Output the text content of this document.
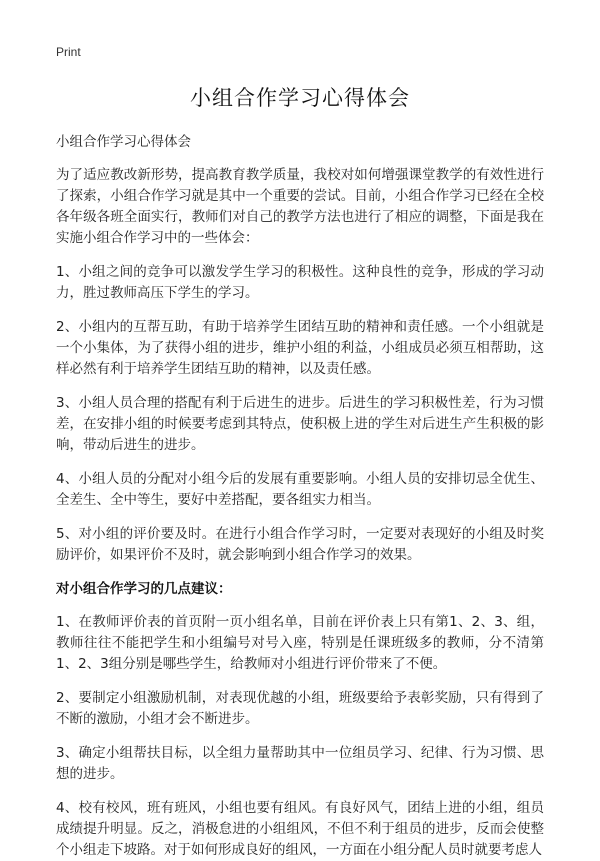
Print
小组合作学习心得体会

小组合作学习心得体会

为了适应教改新形势，提高教育教学质量，我校对如何增强课堂教学的有效性进行了探索，小组合作学习就是其中一个重要的尝试。目前，小组合作学习已经在全校各年级各班全面实行，教师们对自己的教学方法也进行了相应的调整，下面是我在实施小组合作学习中的一些体会：

1、小组之间的竞争可以激发学生学习的积极性。这种良性的竞争，形成的学习动力，胜过教师高压下学生的学习。

2、小组内的互帮互助，有助于培养学生团结互助的精神和责任感。一个小组就是一个小集体，为了获得小组的进步，维护小组的利益，小组成员必须互相帮助，这样必然有利于培养学生团结互助的精神，以及责任感。

3、小组人员合理的搭配有利于后进生的进步。后进生的学习积极性差，行为习惯差，在安排小组的时候要考虑到其特点，使积极上进的学生对后进生产生积极的影响，带动后进生的进步。

4、小组人员的分配对小组今后的发展有重要影响。小组人员的安排切忌全优生、全差生、全中等生，要好中差搭配，要各组实力相当。

5、对小组的评价要及时。在进行小组合作学习时，一定要对表现好的小组及时奖励评价，如果评价不及时，就会影响到小组合作学习的效果。

对小组合作学习的几点建议：

1、在教师评价表的首页附一页小组名单，目前在评价表上只有第1、2、3、组，教师往往不能把学生和小组编号对号入座，特别是任课班级多的教师，分不清第1、2、3组分别是哪些学生，给教师对小组进行评价带来了不便。

2、要制定小组激励机制，对表现优越的小组，班级要给予表彰奖励，只有得到了不断的激励，小组才会不断进步。

3、确定小组帮扶目标，以全组力量帮助其中一位组员学习、纪律、行为习惯、思想的进步。

4、校有校风，班有班风，小组也要有组风。有良好风气，团结上进的小组，组员成绩提升明显。反之，消极怠进的小组组风，不但不利于组员的进步，反而会使整个小组走下坡路。对于如何形成良好的组风，一方面在小组分配人员时就要考虑人
